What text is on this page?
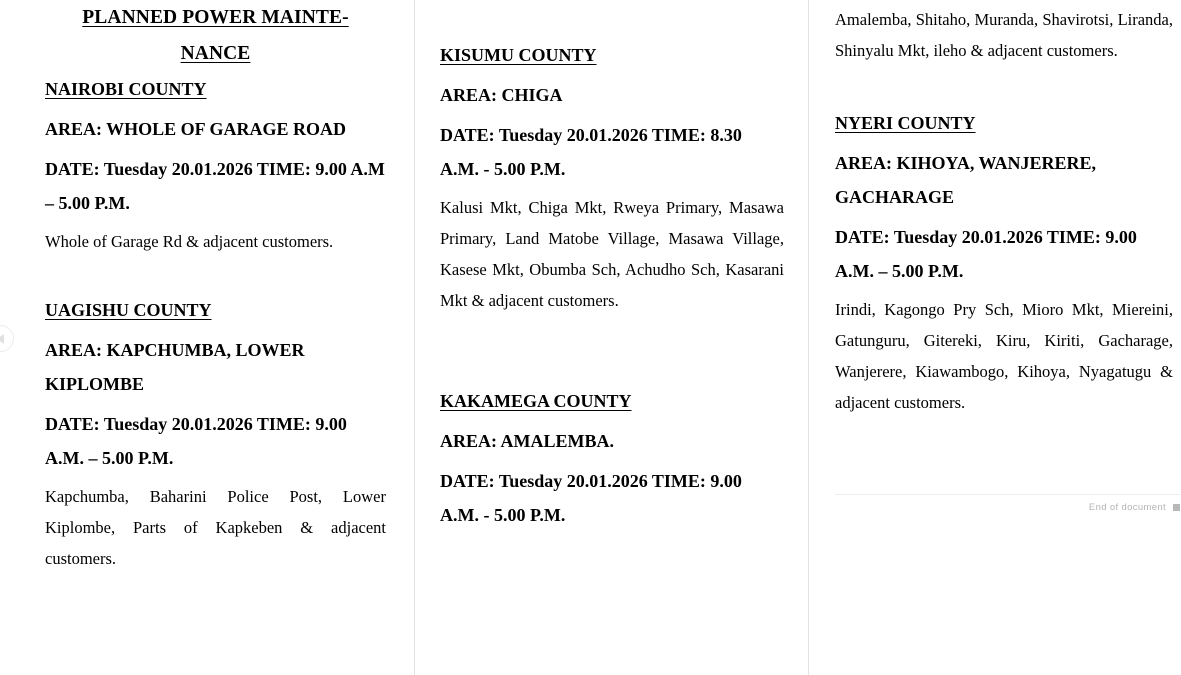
PLANNED POWER MAINTE-
NANCE
NAIROBI COUNTY

AREA: WHOLE OF GARAGE ROAD

DATE: Tuesday 20.01.2026 TIME: 9.00 A.M – 5.00 P.M.

Whole of Garage Rd & adjacent customers.

UAGISHU COUNTY

AREA: KAPCHUMBA, LOWER KIPLOMBE

DATE: Tuesday 20.01.2026 TIME: 9.00 A.M. – 5.00 P.M.

Kapchumba, Baharini Police Post, Lower Kiplombe, Parts of Kapkeben & adjacent customers.

KISUMU COUNTY

AREA: CHIGA

DATE: Tuesday 20.01.2026 TIME: 8.30 A.M. - 5.00 P.M.

Kalusi Mkt, Chiga Mkt, Rweya Primary, Masawa Primary, Land Matobe Village, Masawa Village, Kasese Mkt, Obumba Sch, Achudho Sch, Kasarani Mkt & adjacent customers.

KAKAMEGA COUNTY

AREA: AMALEMBA.

DATE: Tuesday 20.01.2026 TIME: 9.00 A.M. - 5.00 P.M.

Amalemba, Shitaho, Muranda, Shavirotsi, Liranda, Shinyalu Mkt, ileho & adjacent customers.

NYERI COUNTY

AREA: KIHOYA, WANJERERE, GACHARAGE

DATE: Tuesday 20.01.2026 TIME: 9.00 A.M. – 5.00 P.M.

Irindi, Kagongo Pry Sch, Mioro Mkt, Miereini, Gatunguru, Gitereki, Kiru, Kiriti, Gacharage, Wanjerere, Kiawambogo, Kihoya, Nyagatugu & adjacent customers.

End of document
